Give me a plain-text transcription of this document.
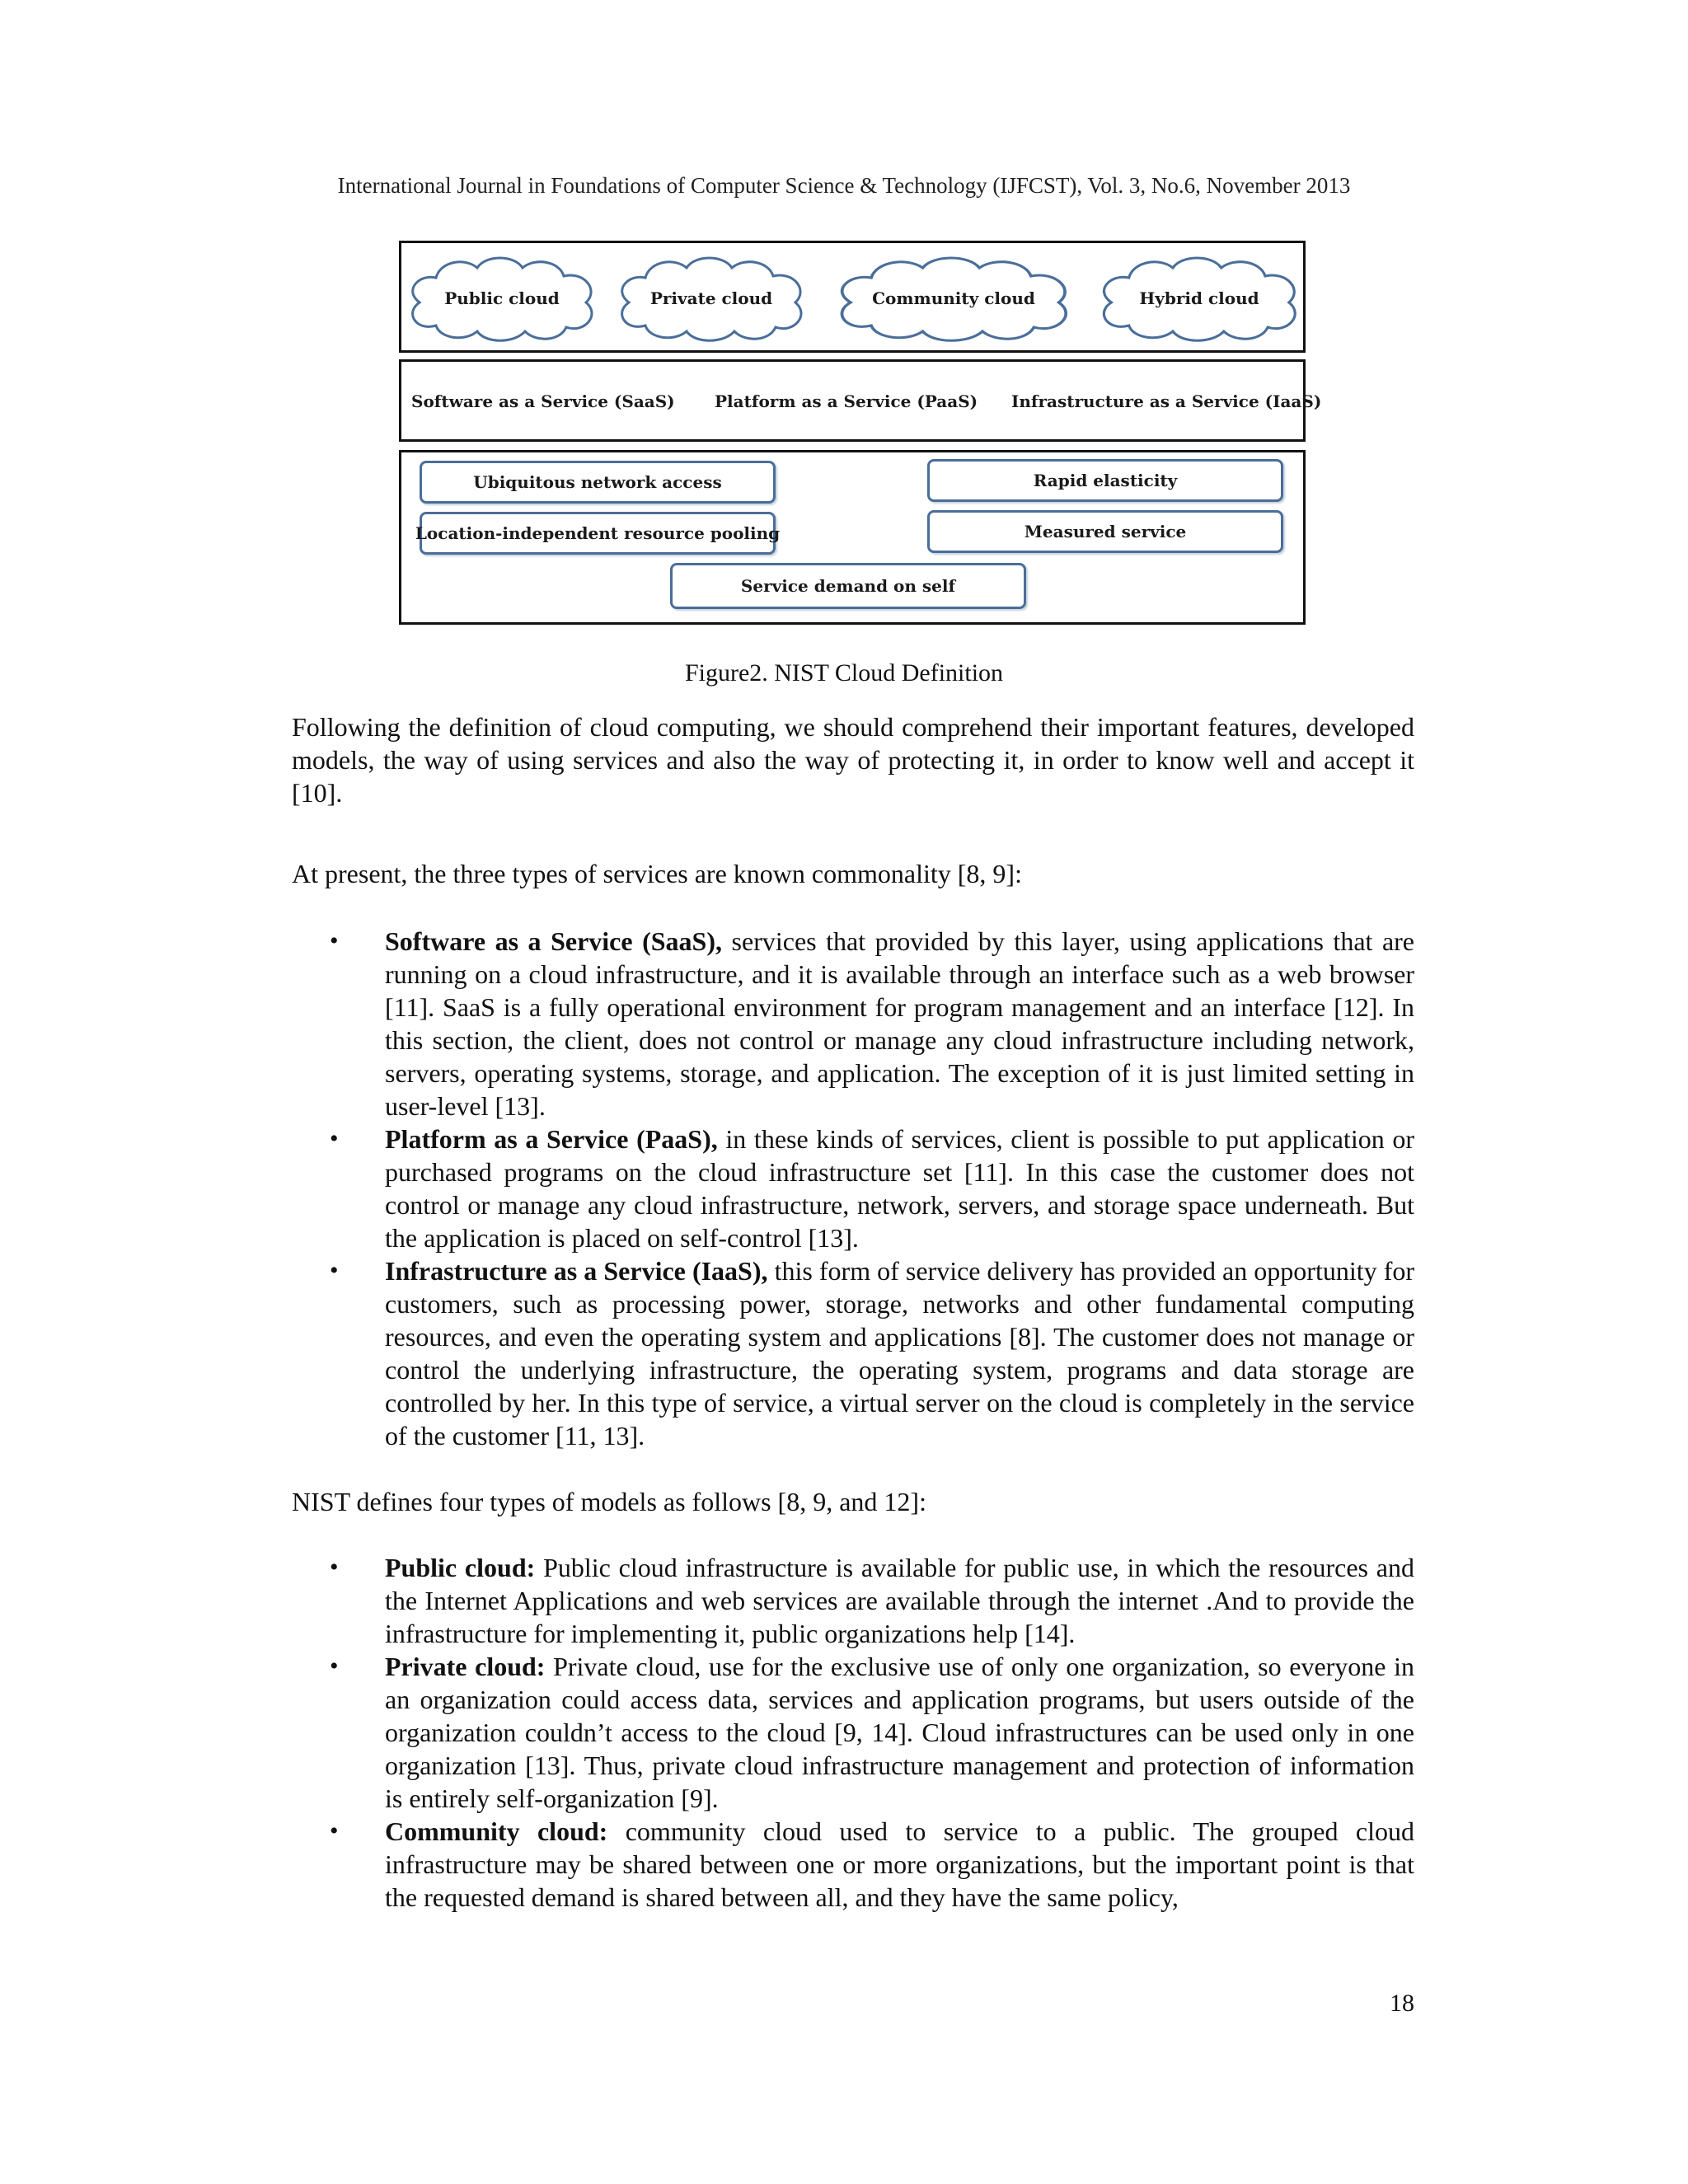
International Journal in Foundations of Computer Science & Technology (IJFCST), Vol. 3, No.6, November 2013
Public cloud	Private cloud	Community cloud	Hybrid cloud
Software as a Service (SaaS) Platform as a Service (PaaS) Infrastructure as a Service (IaaS)
Ubiquitous network access
Location-independent resource pooling
Rapid elasticity
Measured service
Service demand on self
Figure2. NIST Cloud Definition

Following the definition of cloud computing, we should comprehend their important features, developed models, the way of using services and also the way of protecting it, in order to know well and accept it [10].

At present, the three types of services are known commonality [8, 9]:

• Software as a Service (SaaS), services that provided by this layer, using applications that are running on a cloud infrastructure, and it is available through an interface such as a web browser [11]. SaaS is a fully operational environment for program management and an interface [12]. In this section, the client, does not control or manage any cloud infrastructure including network, servers, operating systems, storage, and application. The exception of it is just limited setting in user-level [13].
• Platform as a Service (PaaS), in these kinds of services, client is possible to put application or purchased programs on the cloud infrastructure set [11]. In this case the customer does not control or manage any cloud infrastructure, network, servers, and storage space underneath. But the application is placed on self-control [13].
• Infrastructure as a Service (IaaS), this form of service delivery has provided an opportunity for customers, such as processing power, storage, networks and other fundamental computing resources, and even the operating system and applications [8]. The customer does not manage or control the underlying infrastructure, the operating system, programs and data storage are controlled by her. In this type of service, a virtual server on the cloud is completely in the service of the customer [11, 13].

NIST defines four types of models as follows [8, 9, and 12]:

• Public cloud: Public cloud infrastructure is available for public use, in which the resources and the Internet Applications and web services are available through the internet .And to provide the infrastructure for implementing it, public organizations help [14].
• Private cloud: Private cloud, use for the exclusive use of only one organization, so everyone in an organization could access data, services and application programs, but users outside of the organization couldn’t access to the cloud [9, 14]. Cloud infrastructures can be used only in one organization [13]. Thus, private cloud infrastructure management and protection of information is entirely self-organization [9].
• Community cloud: community cloud used to service to a public. The grouped cloud infrastructure may be shared between one or more organizations, but the important point is that the requested demand is shared between all, and they have the same policy,
18
